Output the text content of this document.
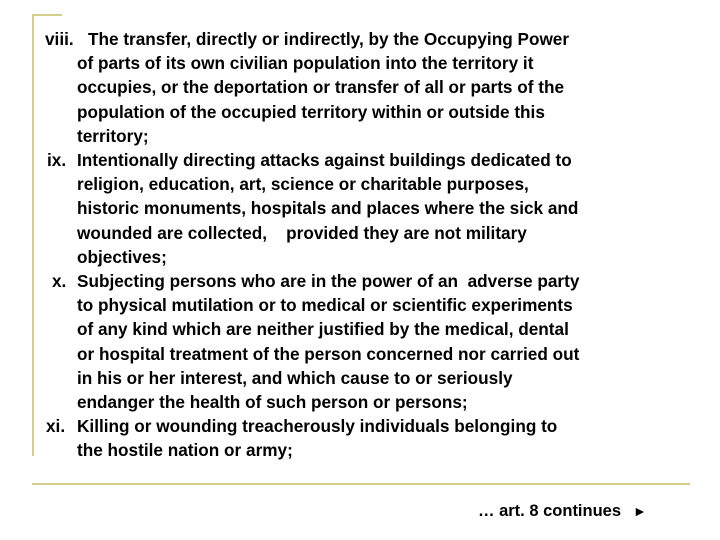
viii. The transfer, directly or indirectly, by the Occupying Power

of parts of its own civilian population into the territory it

occupies, or the deportation or transfer of all or parts of the

population of the occupied territory within or outside this

territory;

ix. Intentionally directing attacks against buildings dedicated to

religion, education, art, science or charitable purposes,

historic monuments, hospitals and places where the sick and

wounded are collected,    provided they are not military

objectives;

x. Subjecting persons who are in the power of an  adverse party

to physical mutilation or to medical or scientific experiments

of any kind which are neither justified by the medical, dental

or hospital treatment of the person concerned nor carried out

in his or her interest, and which cause to or seriously

endanger the health of such person or persons;

xi. Killing or wounding treacherously individuals belonging to

the hostile nation or army;

… art. 8 continues ►
